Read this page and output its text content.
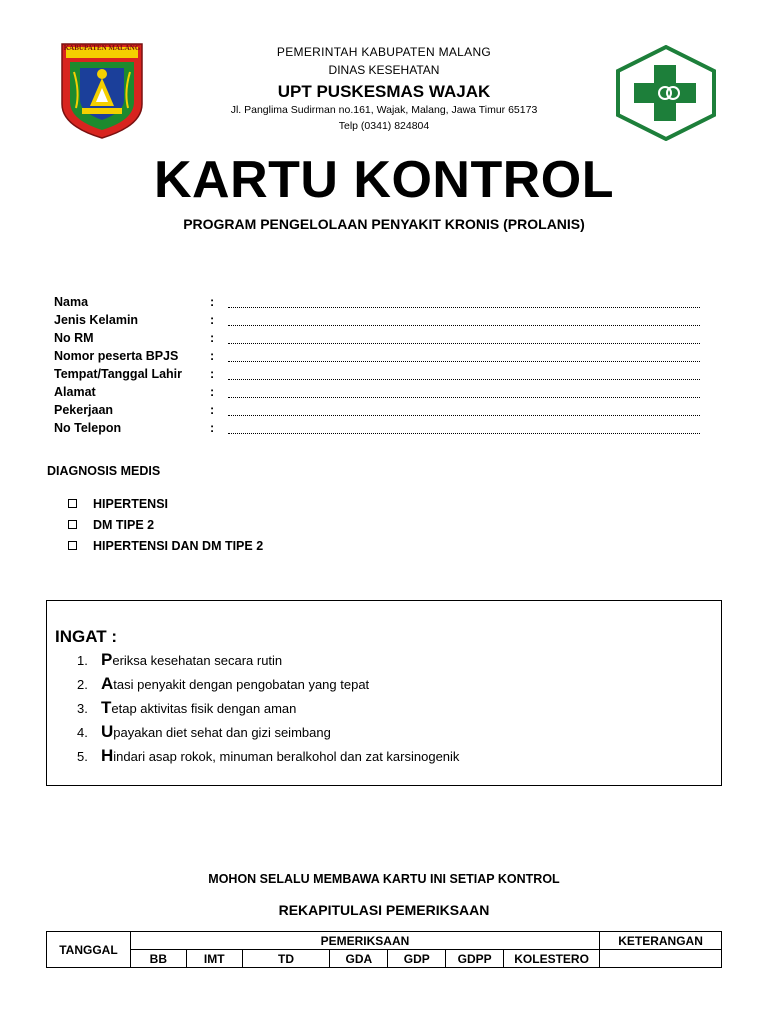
KABUPATEN MALANG	PEMERINTAH KABUPATEN MALANG
DINAS KESEHATAN
UPT PUSKESMAS WAJAK
Jl. Panglima Sudirman no.161, Wajak, Malang, Jawa Timur 65173
Telp (0341) 824804
KARTU KONTROL
PROGRAM PENGELOLAAN PENYAKIT KRONIS (PROLANIS)
Nama	:
Jenis Kelamin	:
No RM	:
Nomor peserta BPJS	:
Tempat/Tanggal Lahir	:
Alamat	:
Pekerjaan	:
No Telepon	:
DIAGNOSIS MEDIS
HIPERTENSI
DM TIPE 2
HIPERTENSI DAN DM TIPE 2
INGAT :
1. P eriksa kesehatan secara rutin
2. A tasi penyakit dengan pengobatan yang tepat
3. T etap aktivitas fisik dengan aman
4. U payakan diet sehat dan gizi seimbang
5. H indari asap rokok, minuman beralkohol dan zat karsinogenik
MOHON SELALU MEMBAWA KARTU INI SETIAP KONTROL
REKAPITULASI PEMERIKSAAN
TANGGAL	PEMERIKSAAN							KETERANGAN
	BB	IMT	TD	GDA	GDP	GDPP	KOLESTERO	
